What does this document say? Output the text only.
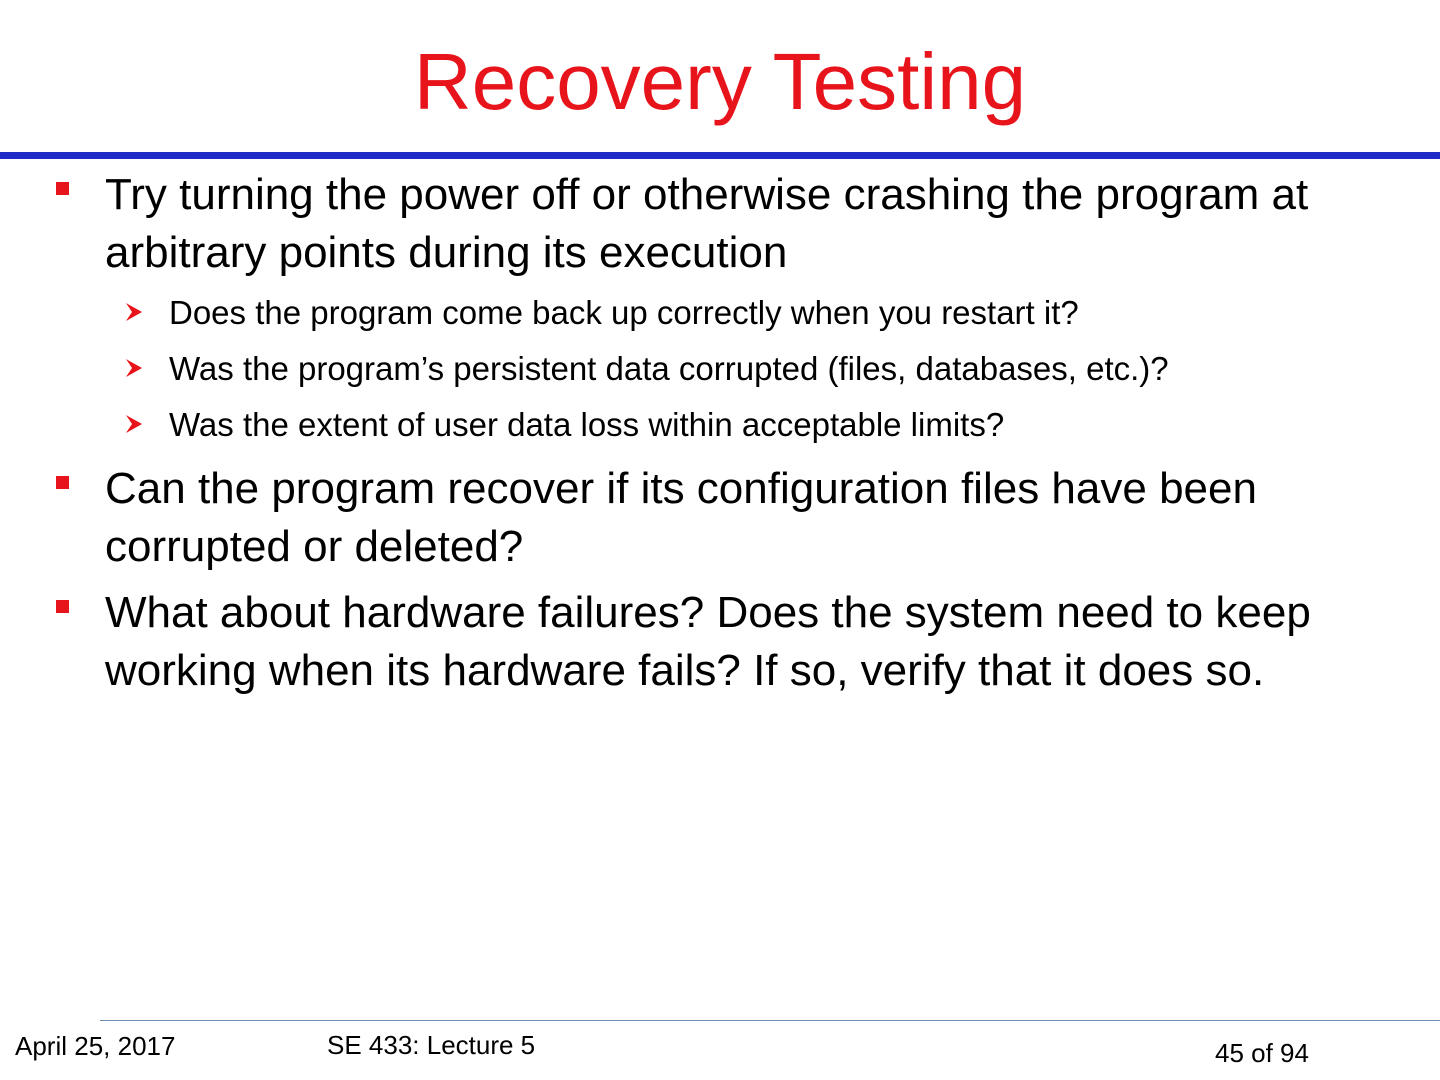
Recovery Testing
Try turning the power off or otherwise crashing the program at arbitrary points during its execution
Does the program come back up correctly when you restart it?
Was the program’s persistent data corrupted (files, databases, etc.)?
Was the extent of user data loss within acceptable limits?
Can the program recover if its configuration files have been corrupted or deleted?
What about hardware failures? Does the system need to keep working when its hardware fails? If so, verify that it does so.
April 25, 2017	SE 433: Lecture 5	45 of 94
